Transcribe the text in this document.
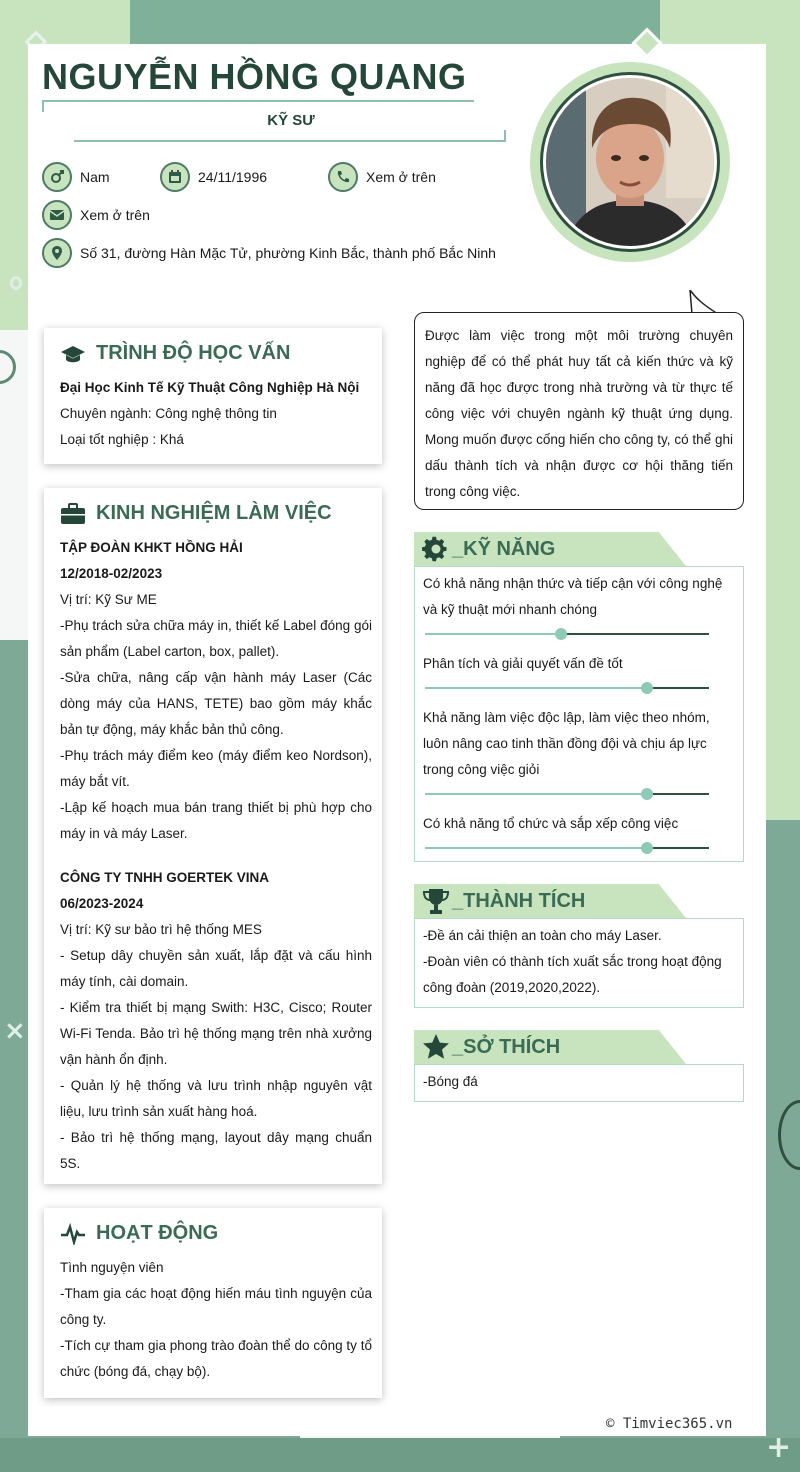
×
+
NGUYỄN HỒNG QUANG
KỸ SƯ
Nam	24/11/1996	Xem ở trên
Xem ở trên
Số 31, đường Hàn Mặc Tử, phường Kinh Bắc, thành phố Bắc Ninh
TRÌNH ĐỘ HỌC VẤN

Đại Học Kinh Tế Kỹ Thuật Công Nghiệp Hà Nội

Chuyên ngành: Công nghệ thông tin

Loại tốt nghiệp : Khá

KINH NGHIỆM LÀM VIỆC

TẬP ĐOÀN KHKT HỒNG HẢI

12/2018-02/2023

Vị trí: Kỹ Sư ME

-Phụ trách sửa chữa máy in, thiết kế Label đóng gói sản phẩm (Label carton, box, pallet).

-Sửa chữa, nâng cấp vận hành máy Laser (Các dòng máy của HANS, TETE) bao gồm máy khắc bản tự động, máy khắc bản thủ công.

-Phụ trách máy điểm keo (máy điểm keo Nordson), máy bắt vít.

-Lập kế hoạch mua bán trang thiết bị phù hợp cho máy in và máy Laser.

CÔNG TY TNHH GOERTEK VINA

06/2023-2024

Vị trí: Kỹ sư bảo trì hệ thống MES

- Setup dây chuyền sản xuất, lắp đặt và cấu hình máy tính, cài domain.

- Kiểm tra thiết bị mạng Swith: H3C, Cisco; Router Wi-Fi Tenda. Bảo trì hệ thống mạng trên nhà xưởng vận hành ổn định.

- Quản lý hệ thống và lưu trình nhập nguyên vật liệu, lưu trình sản xuất hàng hoá.

- Bảo trì hệ thống mạng, layout dây mạng chuẩn 5S.

HOẠT ĐỘNG

Tình nguyện viên

-Tham gia các hoạt động hiến máu tình nguyện của công ty.

-Tích cự tham gia phong trào đoàn thể do công ty tổ chức (bóng đá, chạy bộ).

Được làm việc trong một môi trường chuyên nghiệp để có thể phát huy tất cả kiến thức và kỹ năng đã học được trong nhà trường và từ thực tế công việc với chuyên ngành kỹ thuật ứng dụng. Mong muốn được cống hiến cho công ty, có thể ghi dấu thành tích và nhận được cơ hội thăng tiến trong công việc.

_KỸ NĂNG

Có khả năng nhận thức và tiếp cận với công nghệ và kỹ thuật mới nhanh chóng

Phân tích và giải quyết vấn đề tốt

Khả năng làm việc độc lập, làm việc theo nhóm, luôn nâng cao tinh thần đồng đội và chịu áp lực trong công việc giỏi

Có khả năng tổ chức và sắp xếp công việc

_THÀNH TÍCH

-Đề án cải thiện an toàn cho máy Laser.

-Đoàn viên có thành tích xuất sắc trong hoạt động công đoàn (2019,2020,2022).

_SỞ THÍCH

-Bóng đá

© Timviec365.vn
